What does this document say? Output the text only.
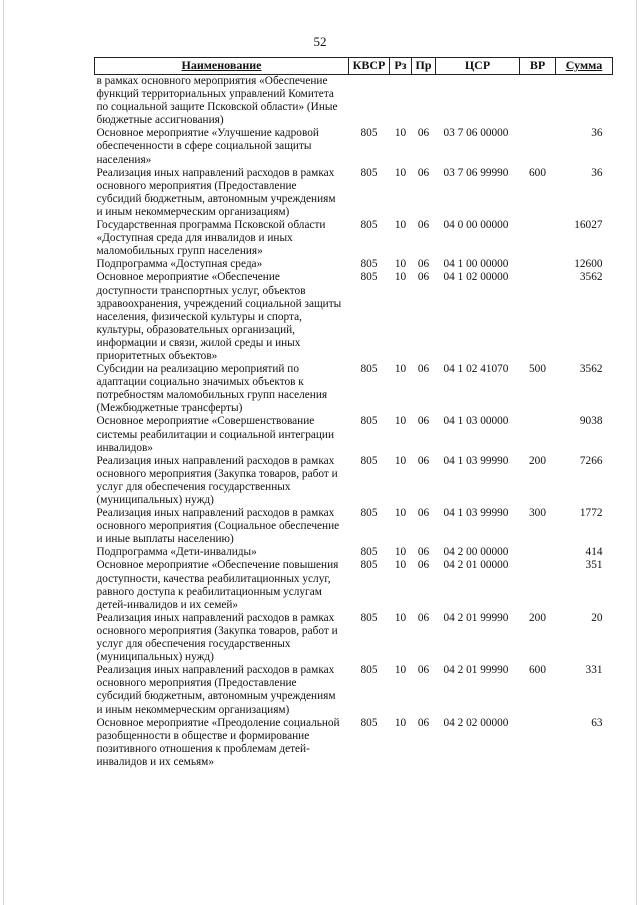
52
Наименование	КВСР	Рз	Пр	ЦСР	ВР	Сумма
в рамках основного мероприятия «Обеспечение функций территориальных управлений Комитета по социальной защите Псковской области» (Иные бюджетные ассигнования)						
Основное мероприятие «Улучшение кадровой обеспеченности в сфере социальной защиты населения»	805	10	06	03 7 06 00000		36
Реализация иных направлений расходов в рамках основного мероприятия (Предоставление субсидий бюджетным, автономным учреждениям и иным некоммерческим организациям)	805	10	06	03 7 06 99990	600	36
Государственная программа Псковской области «Доступная среда для инвалидов и иных маломобильных групп населения»	805	10	06	04 0 00 00000		16027
Подпрограмма «Доступная среда»	805	10	06	04 1 00 00000		12600
Основное мероприятие «Обеспечение доступности транспортных услуг, объектов здравоохранения, учреждений социальной защиты населения, физической культуры и спорта, культуры, образовательных организаций, информации и связи, жилой среды и иных приоритетных объектов»	805	10	06	04 1 02 00000		3562
Субсидии на реализацию мероприятий по адаптации социально значимых объектов к потребностям маломобильных групп населения (Межбюджетные трансферты)	805	10	06	04 1 02 41070	500	3562
Основное мероприятие «Совершенствование системы реабилитации и социальной интеграции инвалидов»	805	10	06	04 1 03 00000		9038
Реализация иных направлений расходов в рамках основного мероприятия (Закупка товаров, работ и услуг для обеспечения государственных (муниципальных) нужд)	805	10	06	04 1 03 99990	200	7266
Реализация иных направлений расходов в рамках основного мероприятия (Социальное обеспечение и иные выплаты населению)	805	10	06	04 1 03 99990	300	1772
Подпрограмма «Дети-инвалиды»	805	10	06	04 2 00 00000		414
Основное мероприятие «Обеспечение повышения доступности, качества реабилитационных услуг, равного доступа к реабилитационным услугам детей-инвалидов и их семей»	805	10	06	04 2 01 00000		351
Реализация иных направлений расходов в рамках основного мероприятия (Закупка товаров, работ и услуг для обеспечения государственных (муниципальных) нужд)	805	10	06	04 2 01 99990	200	20
Реализация иных направлений расходов в рамках основного мероприятия (Предоставление субсидий бюджетным, автономным учреждениям и иным некоммерческим организациям)	805	10	06	04 2 01 99990	600	331
Основное мероприятие «Преодоление социальной разобщенности в обществе и формирование позитивного отношения к проблемам детей-инвалидов и их семьям»	805	10	06	04 2 02 00000		63
